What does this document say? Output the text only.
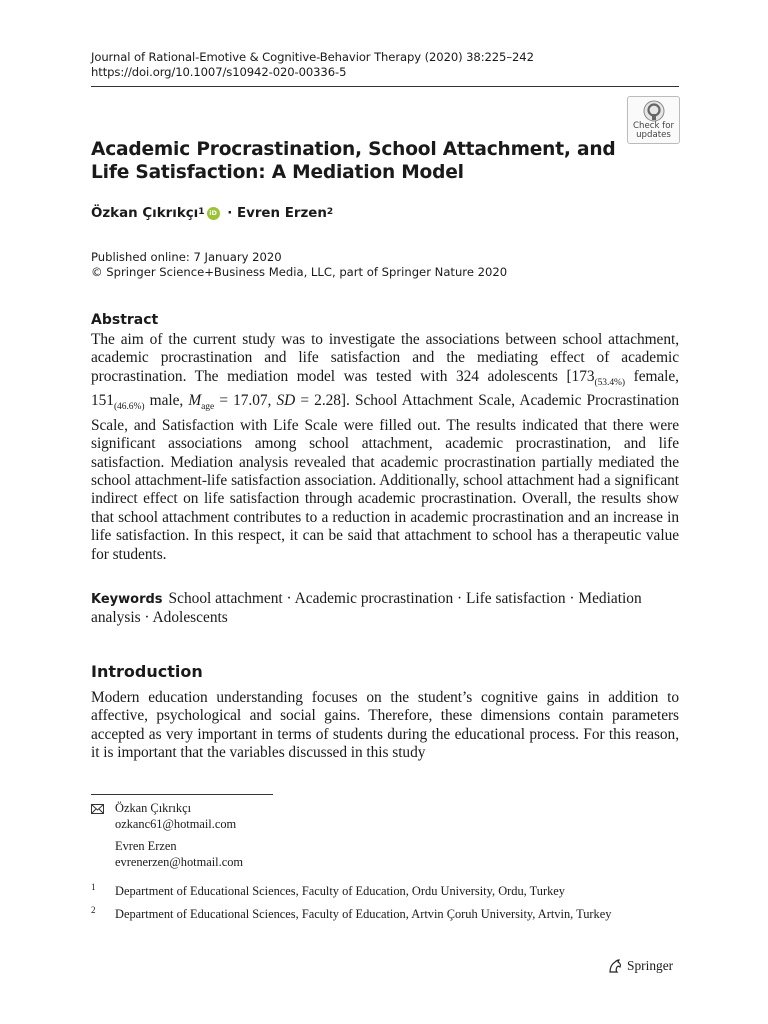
Journal of Rational-Emotive & Cognitive-Behavior Therapy (2020) 38:225–242
https://doi.org/10.1007/s10942-020-00336-5
Check for
updates
Academic Procrastination, School Attachment, and Life Satisfaction: A Mediation Model
Özkan Çıkrıkçı$^1$ iD · Evren Erzen$^2$
Published online: 7 January 2020
© Springer Science+Business Media, LLC, part of Springer Nature 2020
Abstract
The aim of the current study was to investigate the associations between school attachment, academic procrastination and life satisfaction and the mediating effect of academic procrastination. The mediation model was tested with 324 adolescents [$173_{(53.4\%)}$ female, $151_{(46.6\%)}$ male, $M_{age} = 17.07$, SD = 2.28]. School Attachment Scale, Academic Procrastination Scale, and Satisfaction with Life Scale were filled out. The results indicated that there were significant associations among school attachment, academic procrastination, and life satisfaction. Mediation analysis revealed that academic procrastination partially mediated the school attachment-life satisfaction association. Additionally, school attachment had a significant indirect effect on life satisfaction through academic procrastination. Overall, the results show that school attachment contributes to a reduction in academic procrastination and an increase in life satisfaction. In this respect, it can be said that attachment to school has a therapeutic value for students.
Keywords School attachment · Academic procrastination · Life satisfaction · Mediation analysis · Adolescents
Introduction
Modern education understanding focuses on the student’s cognitive gains in addition to affective, psychological and social gains. Therefore, these dimensions contain parameters accepted as very important in terms of students during the educational process. For this reason, it is important that the variables discussed in this study
Özkan Çıkrıkçı
ozkanc61@hotmail.com
Evren Erzen
evrenerzen@hotmail.com
1 Department of Educational Sciences, Faculty of Education, Ordu University, Ordu, Turkey
2 Department of Educational Sciences, Faculty of Education, Artvin Çoruh University, Artvin, Turkey
Springer
